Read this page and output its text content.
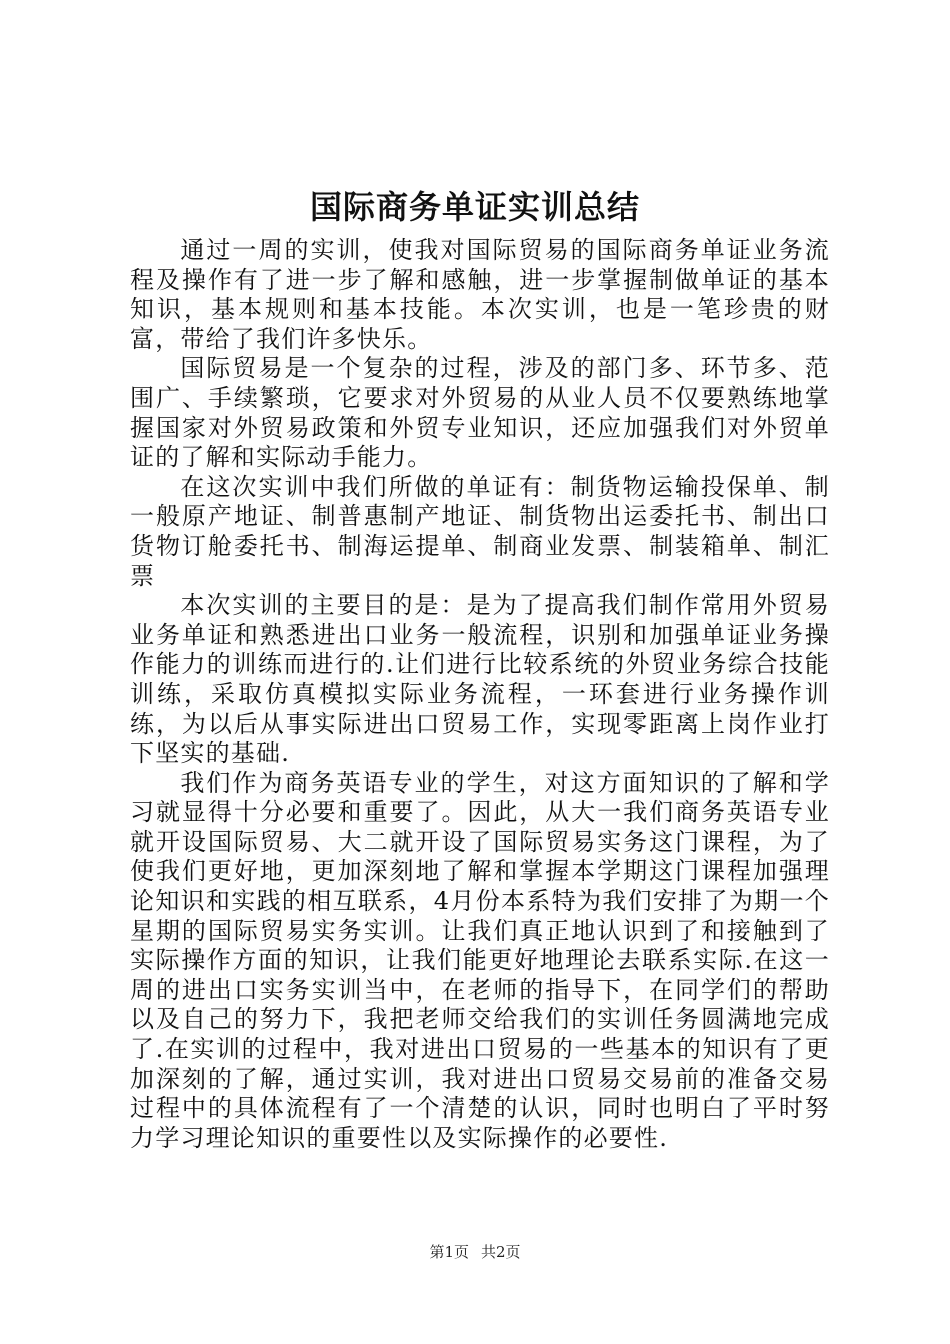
国际商务单证实训总结

通过一周的实训，使我对国际贸易的国际商务单证业务流程及操作有了进一步了解和感触，进一步掌握制做单证的基本知识，基本规则和基本技能。本次实训，也是一笔珍贵的财富，带给了我们许多快乐。

国际贸易是一个复杂的过程，涉及的部门多、环节多、范围广、手续繁琐，它要求对外贸易的从业人员不仅要熟练地掌握国家对外贸易政策和外贸专业知识，还应加强我们对外贸单证的了解和实际动手能力。

在这次实训中我们所做的单证有：制货物运输投保单、制一般原产地证、制普惠制产地证、制货物出运委托书、制出口货物订舱委托书、制海运提单、制商业发票、制装箱单、制汇票

本次实训的主要目的是：是为了提高我们制作常用外贸易业务单证和熟悉进出口业务一般流程，识别和加强单证业务操作能力的训练而进行的.让们进行比较系统的外贸业务综合技能训练，采取仿真模拟实际业务流程，一环套进行业务操作训练，为以后从事实际进出口贸易工作，实现零距离上岗作业打下坚实的基础.

我们作为商务英语专业的学生，对这方面知识的了解和学习就显得十分必要和重要了。因此，从大一我们商务英语专业就开设国际贸易、大二就开设了国际贸易实务这门课程，为了使我们更好地，更加深刻地了解和掌握本学期这门课程加强理论知识和实践的相互联系，4月份本系特为我们安排了为期一个星期的国际贸易实务实训。让我们真正地认识到了和接触到了实际操作方面的知识，让我们能更好地理论去联系实际.在这一周的进出口实务实训当中，在老师的指导下，在同学们的帮助以及自己的努力下，我把老师交给我们的实训任务圆满地完成了.在实训的过程中，我对进出口贸易的一些基本的知识有了更加深刻的了解，通过实训，我对进出口贸易交易前的准备交易过程中的具体流程有了一个清楚的认识，同时也明白了平时努力学习理论知识的重要性以及实际操作的必要性.

第1页 共2页
